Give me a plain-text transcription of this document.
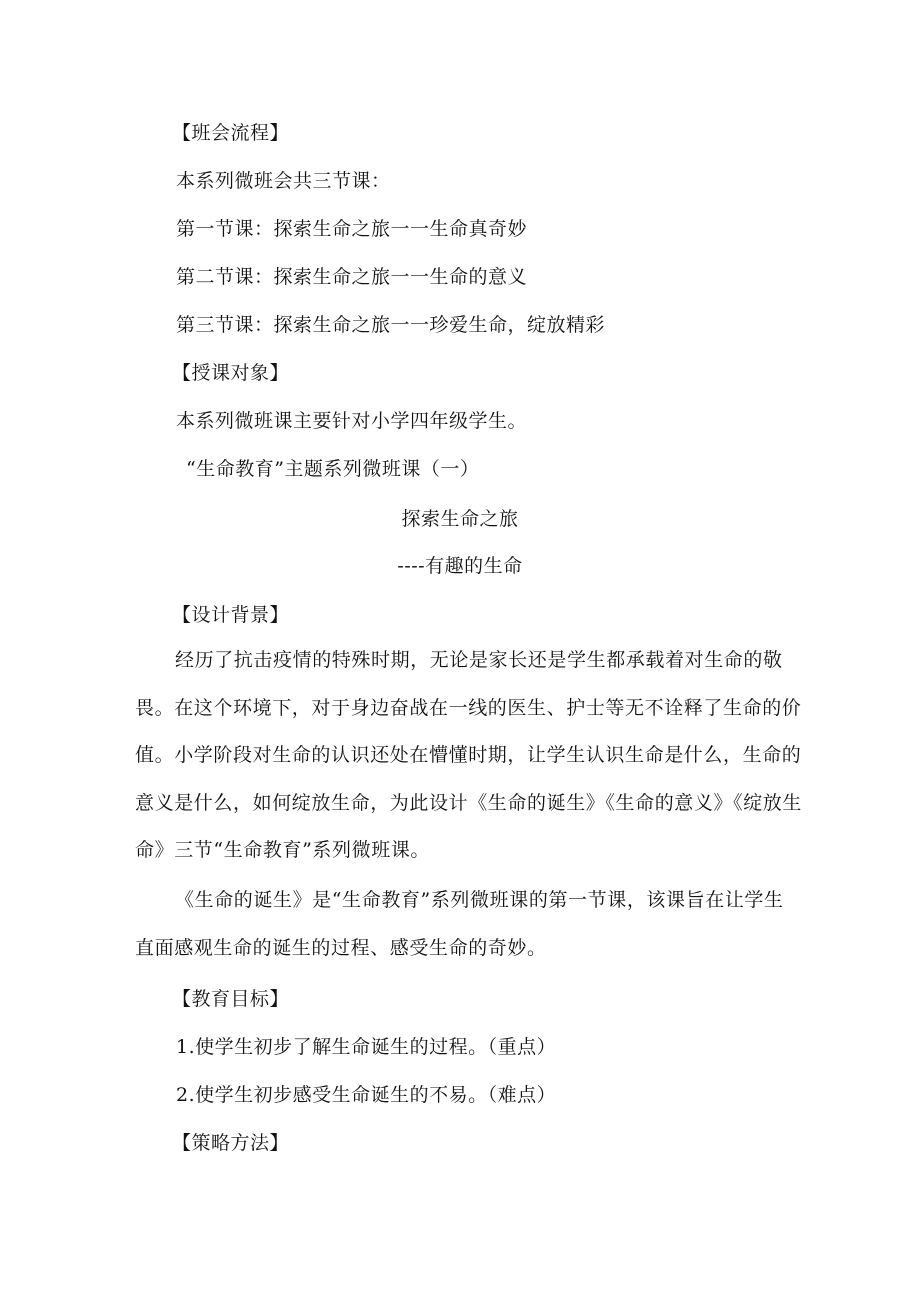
【班会流程】
本系列微班会共三节课：
第一节课：探索生命之旅一一生命真奇妙
第二节课：探索生命之旅一一生命的意义
第三节课：探索生命之旅一一珍爱生命，绽放精彩
【授课对象】
本系列微班课主要针对小学四年级学生。
“生命教育”主题系列微班课（一）
探索生命之旅
----有趣的生命
【设计背景】
经历了抗击疫情的特殊时期，无论是家长还是学生都承载着对生命的敬畏。在这个环境下，对于身边奋战在一线的医生、护士等无不诠释了生命的价值。小学阶段对生命的认识还处在懵懂时期，让学生认识生命是什么，生命的意义是什么，如何绽放生命，为此设计《生命的诞生》《生命的意义》《绽放生命》三节“生命教育”系列微班课。
《生命的诞生》是“生命教育”系列微班课的第一节课，该课旨在让学生直面感观生命的诞生的过程、感受生命的奇妙。
【教育目标】
1.使学生初步了解生命诞生的过程。（重点）
2.使学生初步感受生命诞生的不易。（难点）
【策略方法】
